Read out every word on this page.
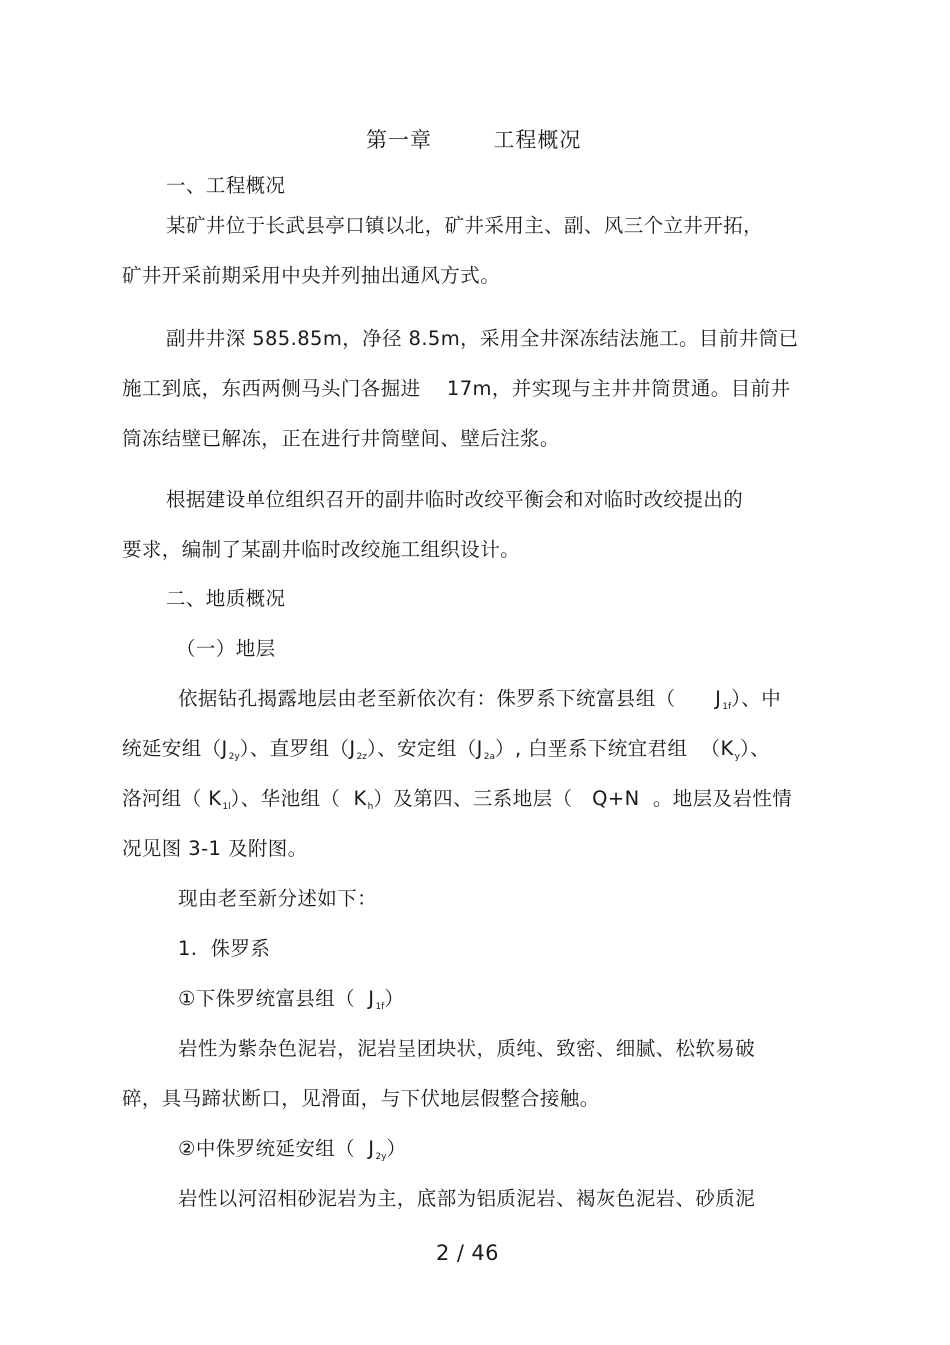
第一章        工程概况
一、工程概况
某矿井位于长武县亭口镇以北，矿井采用主、副、风三个立井开拓，
矿井开采前期采用中央并列抽出通风方式。
副井井深 585.85m，净径 8.5m，采用全井深冻结法施工。目前井筒已
施工到底，东西两侧马头门各掘进    17m，并实现与主井井筒贯通。目前井
筒冻结壁已解冻，正在进行井筒壁间、壁后注浆。
根据建设单位组织召开的副井临时改绞平衡会和对临时改绞提出的
要求，编制了某副井临时改绞施工组织设计。
二、地质概况
（一）地层
依据钻孔揭露地层由老至新依次有：侏罗系下统富县组（      $J_{1f}$）、中
统延安组$(J_{2y})$、直罗组$(J_{2z})$、安定组$(J_{2a})$, 白垩系下统宜君组  $(K_y)$、
洛河组（ $K_{1l}$）、华池组（  $K_h$）及第四、三系地层（   Q+N  。地层及岩性情
况见图 3-1 及附图。
现由老至新分述如下：
1.  侏罗系
①下侏罗统富县组（  $J_{1f}$）
岩性为紫杂色泥岩，泥岩呈团块状，质纯、致密、细腻、松软易破
碎，具马蹄状断口，见滑面，与下伏地层假整合接触。
②中侏罗统延安组（  $J_{2y}$）
岩性以河沼相砂泥岩为主，底部为铝质泥岩、褐灰色泥岩、砂质泥
2 / 46
